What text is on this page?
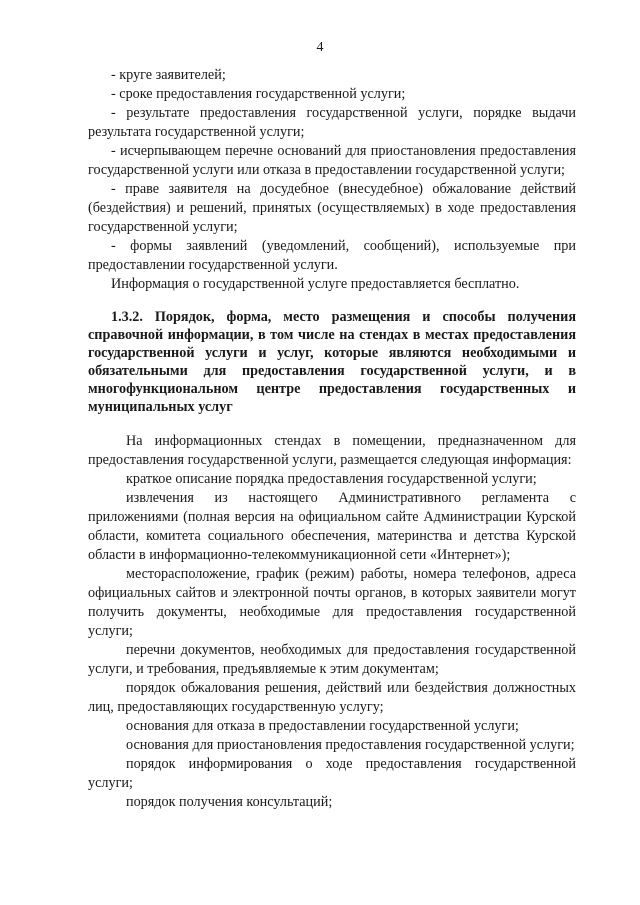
4

- круге заявителей;

- сроке предоставления государственной услуги;

- результате предоставления государственной услуги, порядке выдачи результата государственной услуги;

- исчерпывающем перечне оснований для приостановления предоставления государственной услуги или отказа в предоставлении государственной услуги;

- праве заявителя на досудебное (внесудебное) обжалование действий (бездействия) и решений, принятых (осуществляемых) в ходе предоставления государственной услуги;

- формы заявлений (уведомлений, сообщений), используемые при предоставлении государственной услуги.

Информация о государственной услуге предоставляется бесплатно.

1.3.2. Порядок, форма, место размещения и способы получения справочной информации, в том числе на стендах в местах предоставления государственной услуги и услуг, которые являются необходимыми и обязательными для предоставления государственной услуги, и в многофункциональном центре предоставления государственных и муниципальных услуг

На информационных стендах в помещении, предназначенном для предоставления государственной услуги, размещается следующая информация:

краткое описание порядка предоставления государственной услуги;

извлечения из настоящего Административного регламента с приложениями (полная версия на официальном сайте Администрации Курской области, комитета социального обеспечения, материнства и детства Курской области в информационно-телекоммуникационной сети «Интернет»);

месторасположение, график (режим) работы, номера телефонов, адреса официальных сайтов и электронной почты органов, в которых заявители могут получить документы, необходимые для предоставления государственной услуги;

перечни документов, необходимых для предоставления государственной услуги, и требования, предъявляемые к этим документам;

порядок обжалования решения, действий или бездействия должностных лиц, предоставляющих государственную услугу;

основания для отказа в предоставлении государственной услуги;

основания для приостановления предоставления государственной услуги;

порядок информирования о ходе предоставления государственной услуги;

порядок получения консультаций;
